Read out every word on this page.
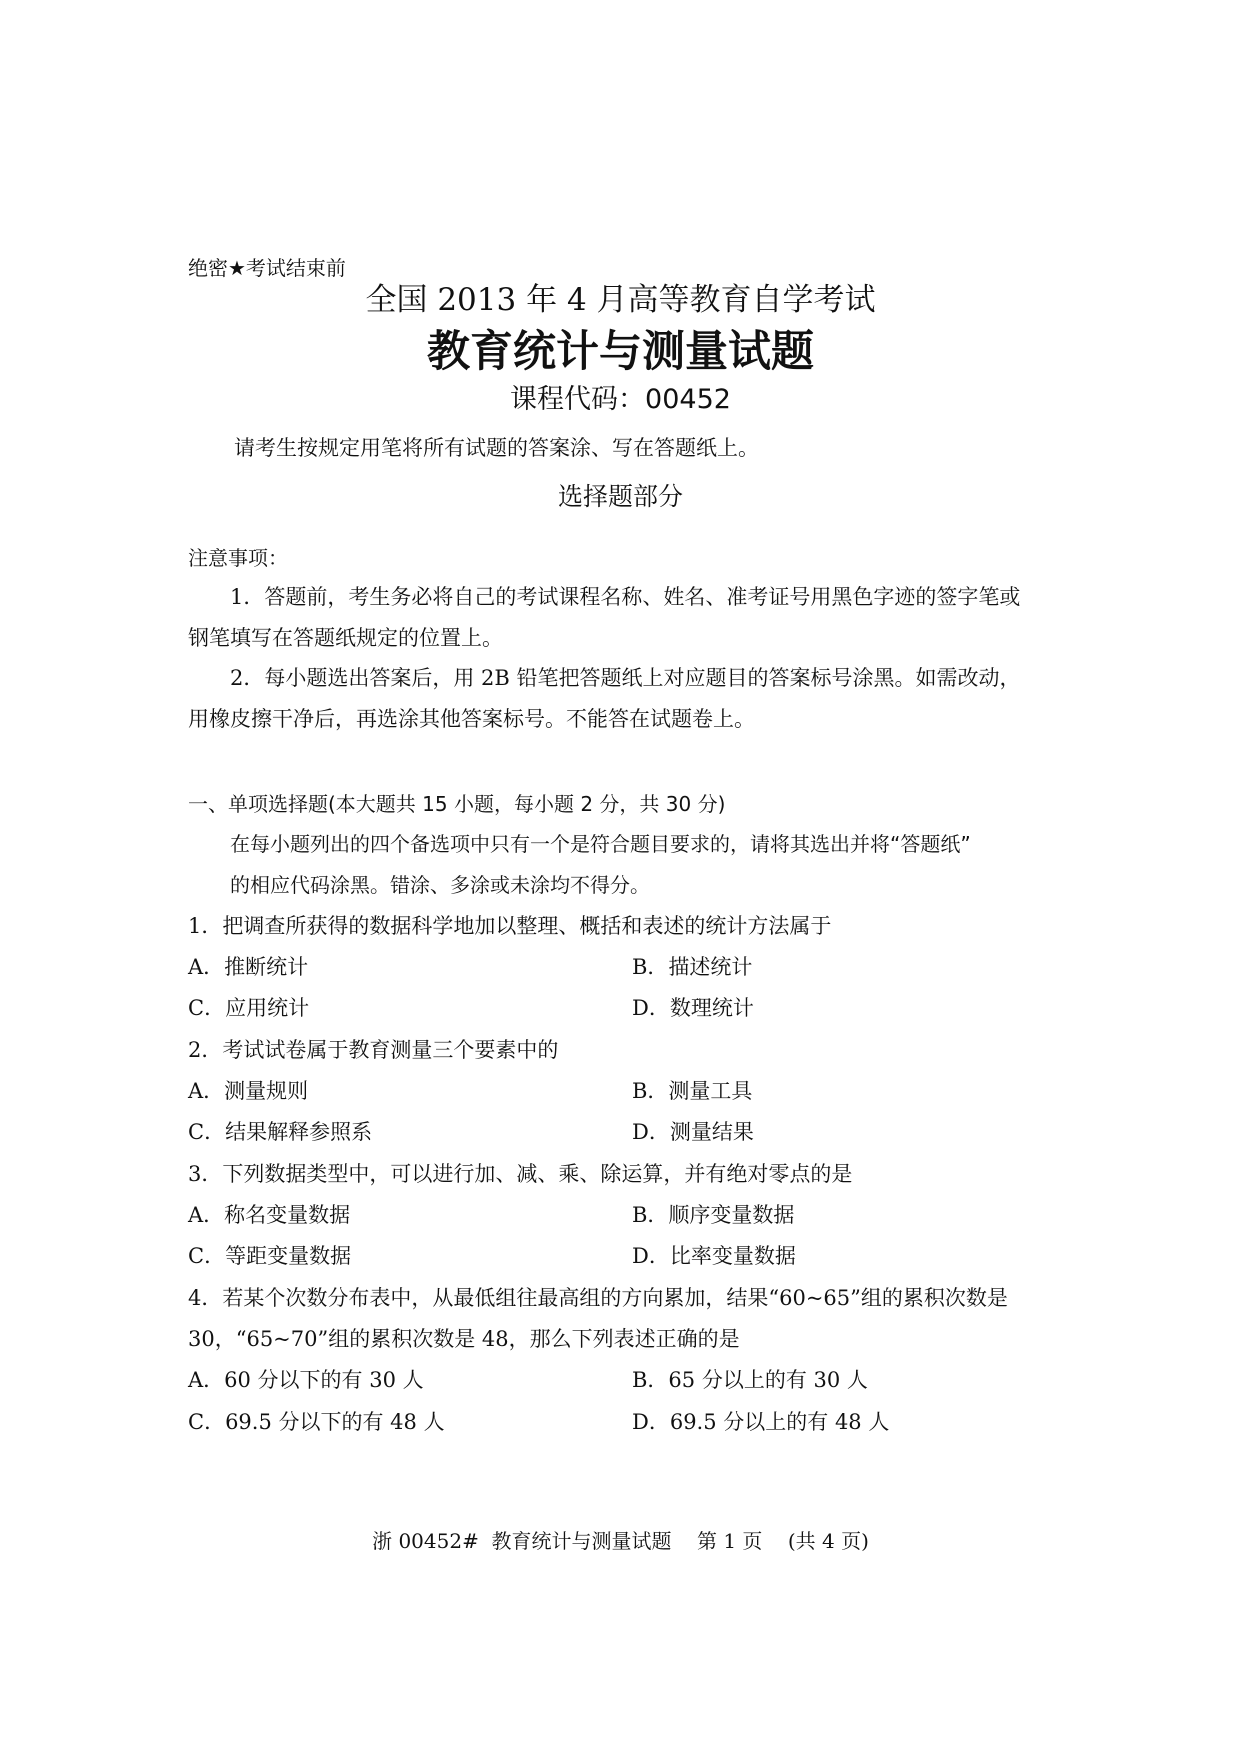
绝密★考试结束前
全国 2013 年 4 月高等教育自学考试
教育统计与测量试题
课程代码：00452
请考生按规定用笔将所有试题的答案涂、写在答题纸上。
选择题部分
注意事项：
1．答题前，考生务必将自己的考试课程名称、姓名、准考证号用黑色字迹的签字笔或
钢笔填写在答题纸规定的位置上。
2．每小题选出答案后，用 2B 铅笔把答题纸上对应题目的答案标号涂黑。如需改动，
用橡皮擦干净后，再选涂其他答案标号。不能答在试题卷上。
一、单项选择题(本大题共 15 小题，每小题 2 分，共 30 分)
在每小题列出的四个备选项中只有一个是符合题目要求的，请将其选出并将“答题纸”
的相应代码涂黑。错涂、多涂或未涂均不得分。
1．把调查所获得的数据科学地加以整理、概括和表述的统计方法属于
A．推断统计	B．描述统计
C．应用统计	D．数理统计
2．考试试卷属于教育测量三个要素中的
A．测量规则	B．测量工具
C．结果解释参照系	D．测量结果
3．下列数据类型中，可以进行加、减、乘、除运算，并有绝对零点的是
A．称名变量数据	B．顺序变量数据
C．等距变量数据	D．比率变量数据
4．若某个次数分布表中，从最低组往最高组的方向累加，结果“60~65”组的累积次数是
30，“65~70”组的累积次数是 48，那么下列表述正确的是
A．60 分以下的有 30 人	B．65 分以上的有 30 人
C．69.5 分以下的有 48 人	D．69.5 分以上的有 48 人
浙 00452#  教育统计与测量试题    第 1 页    (共 4 页)
